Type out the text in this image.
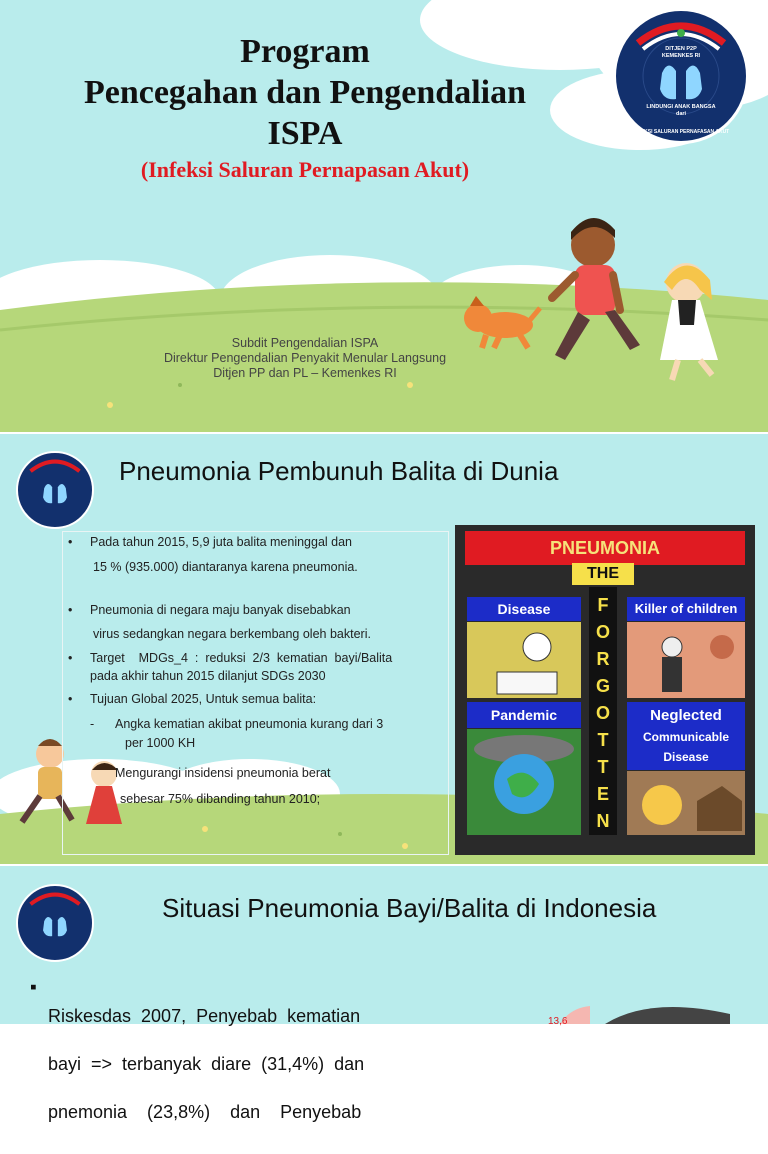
Program
Pencegahan dan Pengendalian
ISPA
(Infeksi Saluran Pernapasan Akut)
Subdit Pengendalian ISPA
Direktur Pengendalian Penyakit Menular Langsung
Ditjen PP dan PL – Kemenkes RI
DITJEN P2P
KEMENKES RI
LINDUNGI ANAK BANGSA
dari
INFEKSI SALURAN PERNAFASAN AKUT
Pneumonia Pembunuh Balita di Dunia
• Pada tahun 2015, 5,9 juta balita meninggal dan
15 % (935.000) diantaranya karena pneumonia.
• Pneumonia di negara maju banyak disebabkan
virus sedangkan negara berkembang oleh bakteri.
• Target    MDGs_4  :  reduksi  2/3  kematian  bayi/Balita
pada akhir tahun 2015 dilanjut SDGs 2030
• Tujuan Global 2025, Untuk semua balita:
- Angka kematian akibat pneumonia kurang dari 3
per 1000 KH
Mengurangi insidensi pneumonia berat
sebesar 75% dibanding tahun 2010;
PNEUMONIA
THE
F
O
R
G
O
T
T
E
N
Disease	Killer of children
Pandemic	Neglected
Communicable
Disease
Situasi Pneumonia Bayi/Balita di Indonesia
▪

Riskesdas  2007,  Penyebab  kematian

bayi  =>  terbanyak  diare  (31,4%)  dan

pnemonia    (23,8%)    dan    Penyebab

13,6
